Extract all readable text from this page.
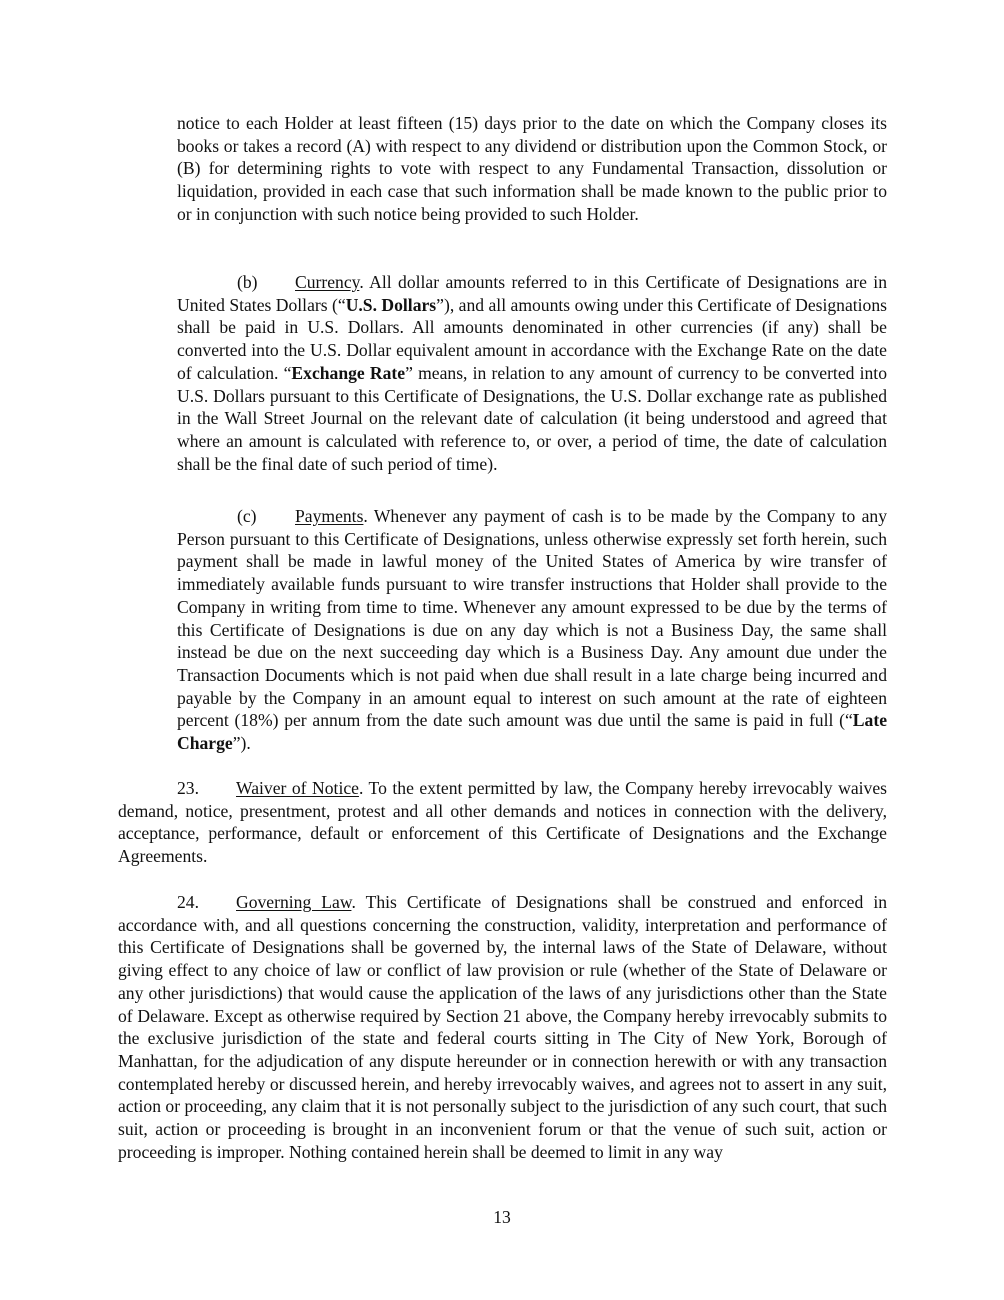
notice to each Holder at least fifteen (15) days prior to the date on which the Company closes its books or takes a record (A) with respect to any dividend or distribution upon the Common Stock, or (B) for determining rights to vote with respect to any Fundamental Transaction, dissolution or liquidation, provided in each case that such information shall be made known to the public prior to or in conjunction with such notice being provided to such Holder.

(b) Currency. All dollar amounts referred to in this Certificate of Designations are in United States Dollars (“U.S. Dollars”), and all amounts owing under this Certificate of Designations shall be paid in U.S. Dollars. All amounts denominated in other currencies (if any) shall be converted into the U.S. Dollar equivalent amount in accordance with the Exchange Rate on the date of calculation. “Exchange Rate” means, in relation to any amount of currency to be converted into U.S. Dollars pursuant to this Certificate of Designations, the U.S. Dollar exchange rate as published in the Wall Street Journal on the relevant date of calculation (it being understood and agreed that where an amount is calculated with reference to, or over, a period of time, the date of calculation shall be the final date of such period of time).

(c) Payments. Whenever any payment of cash is to be made by the Company to any Person pursuant to this Certificate of Designations, unless otherwise expressly set forth herein, such payment shall be made in lawful money of the United States of America by wire transfer of immediately available funds pursuant to wire transfer instructions that Holder shall provide to the Company in writing from time to time. Whenever any amount expressed to be due by the terms of this Certificate of Designations is due on any day which is not a Business Day, the same shall instead be due on the next succeeding day which is a Business Day. Any amount due under the Transaction Documents which is not paid when due shall result in a late charge being incurred and payable by the Company in an amount equal to interest on such amount at the rate of eighteen percent (18%) per annum from the date such amount was due until the same is paid in full (“Late Charge”).

23. Waiver of Notice. To the extent permitted by law, the Company hereby irrevocably waives demand, notice, presentment, protest and all other demands and notices in connection with the delivery, acceptance, performance, default or enforcement of this Certificate of Designations and the Exchange Agreements.

24. Governing Law. This Certificate of Designations shall be construed and enforced in accordance with, and all questions concerning the construction, validity, interpretation and performance of this Certificate of Designations shall be governed by, the internal laws of the State of Delaware, without giving effect to any choice of law or conflict of law provision or rule (whether of the State of Delaware or any other jurisdictions) that would cause the application of the laws of any jurisdictions other than the State of Delaware. Except as otherwise required by Section 21 above, the Company hereby irrevocably submits to the exclusive jurisdiction of the state and federal courts sitting in The City of New York, Borough of Manhattan, for the adjudication of any dispute hereunder or in connection herewith or with any transaction contemplated hereby or discussed herein, and hereby irrevocably waives, and agrees not to assert in any suit, action or proceeding, any claim that it is not personally subject to the jurisdiction of any such court, that such suit, action or proceeding is brought in an inconvenient forum or that the venue of such suit, action or proceeding is improper. Nothing contained herein shall be deemed to limit in any way

13
